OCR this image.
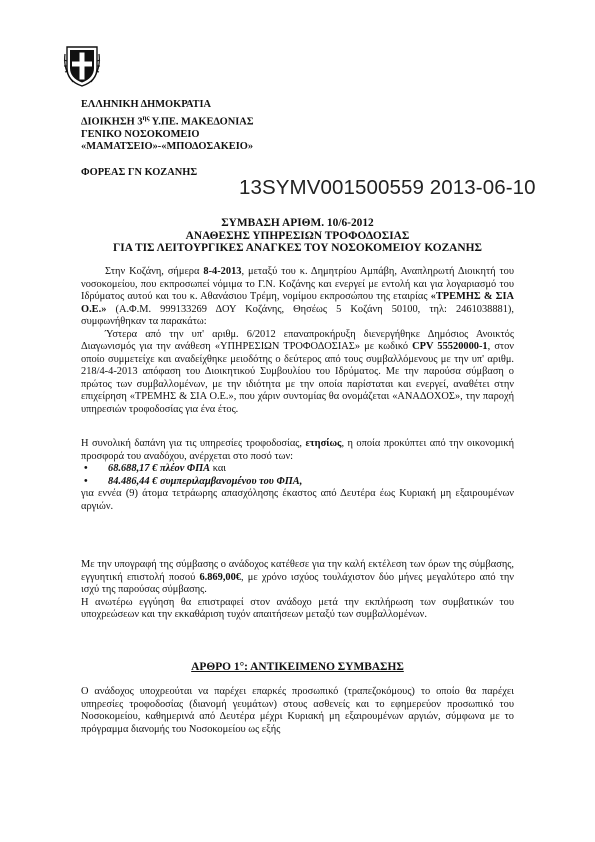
ΕΛΛΗΝΙΚΗ ΔΗΜΟΚΡΑΤΙΑ
ΔΙΟΙΚΗΣΗ $3^{\eta\varsigma}$ Υ.ΠΕ. ΜΑΚΕΔΟΝΙΑΣ
ΓΕΝΙΚΟ ΝΟΣΟΚΟΜΕΙΟ
«ΜΑΜΑΤΣΕΙΟ»-«ΜΠΟΔΟΣΑΚΕΙΟ»
ΦΟΡΕΑΣ ΓΝ ΚΟΖΑΝΗΣ
13SYMV001500559 2013-06-10
ΣΥΜΒΑΣΗ ΑΡΙΘΜ. 10/6-2012
ΑΝΑΘΕΣΗΣ ΥΠΗΡΕΣΙΩΝ ΤΡΟΦΟΔΟΣΙΑΣ
ΓΙΑ ΤΙΣ ΛΕΙΤΟΥΡΓΙΚΕΣ ΑΝΑΓΚΕΣ ΤΟΥ ΝΟΣΟΚΟΜΕΙΟΥ ΚΟΖΑΝΗΣ

Στην Κοζάνη, σήμερα 8-4-2013, μεταξύ του κ. Δημητρίου Αμπάβη, Αναπληρωτή Διοικητή του νοσοκομείου, που εκπροσωπεί νόμιμα το Γ.Ν. Κοζάνης και ενεργεί με εντολή και για λογαριασμό του Ιδρύματος αυτού και του κ. Αθανάσιου Τρέμη, νομίμου εκπροσώπου της εταιρίας «ΤΡΕΜΗΣ & ΣΙΑ Ο.Ε.» (Α.Φ.Μ. 999133269 ΔΟΥ Κοζάνης, Θησέως 5 Κοζάνη 50100, τηλ: 2461038881), συμφωνήθηκαν τα παρακάτω:

Ύστερα από την υπ' αριθμ. 6/2012 επαναπροκήρυξη διενεργήθηκε Δημόσιος Ανοικτός Διαγωνισμός για την ανάθεση «ΥΠΗΡΕΣΙΩΝ ΤΡΟΦΟΔΟΣΙΑΣ» με κωδικό CPV 55520000-1, στον οποίο συμμετείχε και αναδείχθηκε μειοδότης ο δεύτερος από τους συμβαλλόμενους με την υπ' αριθμ. 218/4-4-2013 απόφαση του Διοικητικού Συμβουλίου του Ιδρύματος. Με την παρούσα σύμβαση ο πρώτος των συμβαλλομένων, με την ιδιότητα με την οποία παρίσταται και ενεργεί, αναθέτει στην επιχείρηση «ΤΡΕΜΗΣ & ΣΙΑ Ο.Ε.», που χάριν συντομίας θα ονομάζεται «ΑΝΑΔΟΧΟΣ», την παροχή υπηρεσιών τροφοδοσίας για ένα έτος.

Η συνολική δαπάνη για τις υπηρεσίες τροφοδοσίας, ετησίως, η οποία προκύπτει από την οικονομική προσφορά του αναδόχου, ανέρχεται στο ποσό των:

•	68.688,17 € πλέον ΦΠΑ και
•	84.486,44 € συμπεριλαμβανομένου του ΦΠΑ,

για εννέα (9) άτομα τετράωρης απασχόλησης έκαστος από Δευτέρα έως Κυριακή μη εξαιρουμένων αργιών.

Με την υπογραφή της σύμβασης ο ανάδοχος κατέθεσε για την καλή εκτέλεση των όρων της σύμβασης, εγγυητική επιστολή ποσού 6.869,00€, με χρόνο ισχύος τουλάχιστον δύο μήνες μεγαλύτερο από την ισχύ της παρούσας σύμβασης.

Η ανωτέρω εγγύηση θα επιστραφεί στον ανάδοχο μετά την εκπλήρωση των συμβατικών του υποχρεώσεων και την εκκαθάριση τυχόν απαιτήσεων μεταξύ των συμβαλλομένων.

ΑΡΘΡΟ 1°: ΑΝΤΙΚΕΙΜΕΝΟ ΣΥΜΒΑΣΗΣ

Ο ανάδοχος υποχρεούται να παρέχει επαρκές προσωπικό (τραπεζοκόμους) το οποίο θα παρέχει υπηρεσίες τροφοδοσίας (διανομή γευμάτων) στους ασθενείς και το εφημερεύον προσωπικό του Νοσοκομείου, καθημερινά από Δευτέρα μέχρι Κυριακή μη εξαιρουμένων αργιών, σύμφωνα με το πρόγραμμα διανομής του Νοσοκομείου ως εξής
